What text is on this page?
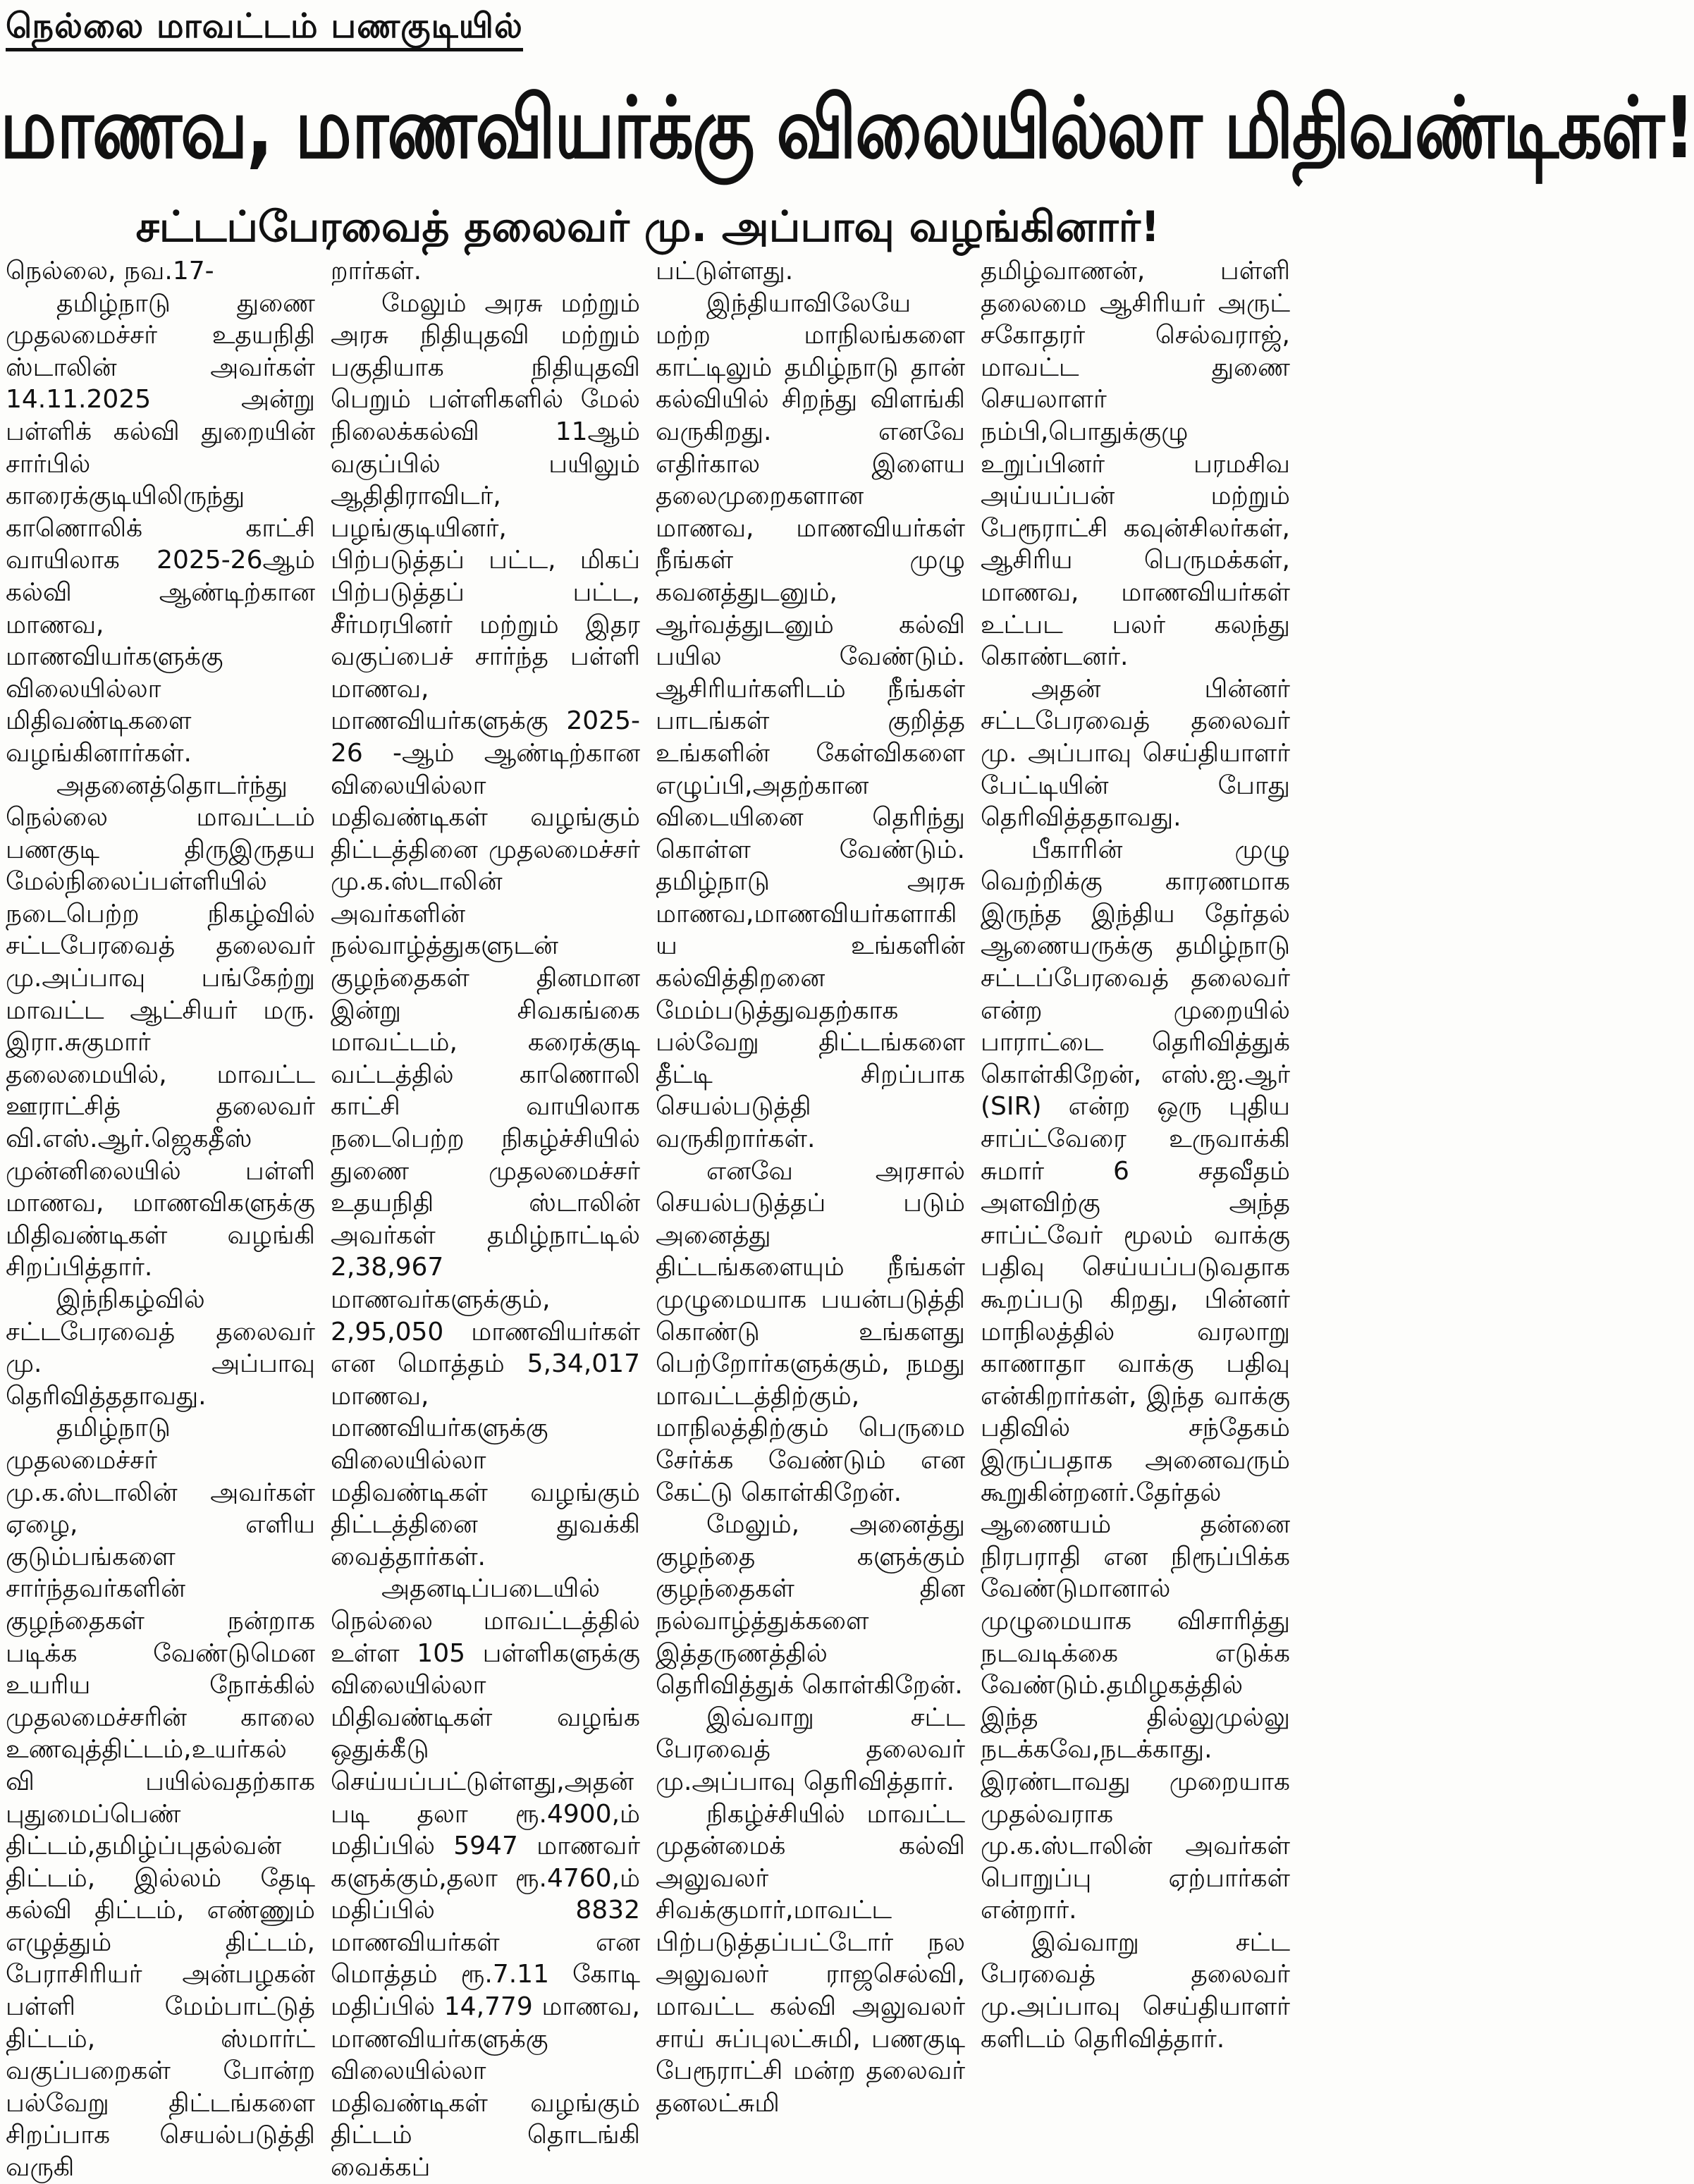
நெல்லை மாவட்டம் பணகுடியில்
மாணவ, மாணவியர்க்கு விலையில்லா மிதிவண்டிகள்!
சட்டப்பேரவைத் தலைவர் மு. அப்பாவு வழங்கினார்!
நெல்லை, நவ.17-

தமிழ்நாடு துணை முதலமைச்சர் உதயநிதி ஸ்டாலின் அவர்கள் 14.11.2025 அன்று பள்ளிக் கல்வி துறையின் சார்பில் காரைக்குடியிலிருந்து காணொலிக் காட்சி வாயிலாக 2025-26ஆம் கல்வி ஆண்டிற்கான மாணவ, மாணவியர்களுக்கு விலையில்லா மிதிவண்டிகளை வழங்கினார்கள்.

அதனைத்தொடர்ந்து நெல்லை மாவட்டம் பணகுடி திருஇருதய மேல்நிலைப்பள்ளியில் நடைபெற்ற நிகழ்வில் சட்டபேரவைத் தலைவர் மு.அப்பாவு பங்கேற்று மாவட்ட ஆட்சியர் மரு. இரா.சுகுமார் தலைமையில், மாவட்ட ஊராட்சித் தலைவர் வி.எஸ்.ஆர்.ஜெகதீஸ் முன்னிலையில் பள்ளி மாணவ, மாணவிகளுக்கு மிதிவண்டிகள் வழங்கி சிறப்பித்தார்.

இந்நிகழ்வில் சட்டபேரவைத் தலைவர் மு. அப்பாவு தெரிவித்ததாவது.

தமிழ்நாடு முதலமைச்சர் மு.க.ஸ்டாலின் அவர்கள் ஏழை, எளிய குடும்பங்களை சார்ந்தவர்களின் குழந்தைகள் நன்றாக படிக்க வேண்டுமென உயரிய நோக்கில் முதலமைச்சரின் காலை உணவுத்திட்டம்,உயர்கல்வி பயில்வதற்காக புதுமைப்பெண் திட்டம்,தமிழ்ப்புதல்வன் திட்டம், இல்லம் தேடி கல்வி திட்டம், எண்ணும் எழுத்தும் திட்டம், பேராசிரியர் அன்பழகன் பள்ளி மேம்பாட்டுத் திட்டம், ஸ்மார்ட் வகுப்பறைகள் போன்ற பல்வேறு திட்டங்களை சிறப்பாக செயல்படுத்தி வருகி

றார்கள்.

மேலும் அரசு மற்றும் அரசு நிதியுதவி மற்றும் பகுதியாக நிதியுதவி பெறும் பள்ளிகளில் மேல் நிலைக்கல்வி 11ஆம் வகுப்பில் பயிலும் ஆதிதிராவிடர், பழங்குடியினர், பிற்படுத்தப் பட்ட, மிகப் பிற்படுத்தப் பட்ட, சீர்மரபினர் மற்றும் இதர வகுப்பைச் சார்ந்த பள்ளி மாணவ, மாணவியர்களுக்கு 2025-26 -ஆம் ஆண்டிற்கான விலையில்லா மதிவண்டிகள் வழங்கும் திட்டத்தினை முதலமைச்சர் மு.க.ஸ்டாலின் அவர்களின் நல்வாழ்த்துகளுடன் குழந்தைகள் தினமான இன்று சிவகங்கை மாவட்டம், கரைக்குடி வட்டத்தில் காணொலி காட்சி வாயிலாக நடைபெற்ற நிகழ்ச்சியில் துணை முதலமைச்சர் உதயநிதி ஸ்டாலின் அவர்கள் தமிழ்நாட்டில் 2,38,967 மாணவர்களுக்கும், 2,95,050 மாணவியர்கள் என மொத்தம் 5,34,017 மாணவ, மாணவியர்களுக்கு விலையில்லா மதிவண்டிகள் வழங்கும் திட்டத்தினை துவக்கி வைத்தார்கள்.

அதனடிப்படையில் நெல்லை மாவட்டத்தில் உள்ள 105 பள்ளிகளுக்கு விலையில்லா மிதிவண்டிகள் வழங்க ஒதுக்கீடு செய்யப்பட்டுள்ளது,அதன்படி தலா ரூ.4900,ம் மதிப்பில் 5947 மாணவர் களுக்கும்,தலா ரூ.4760,ம் மதிப்பில் 8832 மாணவியர்கள் என மொத்தம் ரூ.7.11 கோடி மதிப்பில் 14,779 மாணவ, மாணவியர்களுக்கு விலையில்லா மதிவண்டிகள் வழங்கும் திட்டம் தொடங்கி வைக்கப்

பட்டுள்ளது.

இந்தியாவிலேயே மற்ற மாநிலங்களை காட்டிலும் தமிழ்நாடு தான் கல்வியில் சிறந்து விளங்கி வருகிறது. எனவே எதிர்கால இளைய தலைமுறைகளான மாணவ, மாணவியர்கள் நீங்கள் முழு கவனத்துடனும், ஆர்வத்துடனும் கல்வி பயில வேண்டும். ஆசிரியர்களிடம் நீங்கள் பாடங்கள் குறித்த உங்களின் கேள்விகளை எழுப்பி,அதற்கான விடையினை தெரிந்து கொள்ள வேண்டும். தமிழ்நாடு அரசு மாணவ,மாணவியர்களாகிய உங்களின் கல்வித்திறனை மேம்படுத்துவதற்காக பல்வேறு திட்டங்களை தீட்டி சிறப்பாக செயல்படுத்தி வருகிறார்கள்.

எனவே அரசால் செயல்படுத்தப் படும் அனைத்து திட்டங்களையும் நீங்கள் முழுமையாக பயன்படுத்தி கொண்டு உங்களது பெற்றோர்களுக்கும், நமது மாவட்டத்திற்கும், மாநிலத்திற்கும் பெருமை சேர்க்க வேண்டும் என கேட்டு கொள்கிறேன்.

மேலும், அனைத்து குழந்தை களுக்கும் குழந்தைகள் தின நல்வாழ்த்துக்களை இத்தருணத்தில் தெரிவித்துக் கொள்கிறேன்.

இவ்வாறு சட்ட பேரவைத் தலைவர் மு.அப்பாவு தெரிவித்தார்.

நிகழ்ச்சியில் மாவட்ட முதன்மைக் கல்வி அலுவலர் சிவக்குமார்,மாவட்ட பிற்படுத்தப்பட்டோர் நல அலுவலர் ராஜசெல்வி, மாவட்ட கல்வி அலுவலர் சாய் சுப்புலட்சுமி, பணகுடி பேரூராட்சி மன்ற தலைவர் தனலட்சுமி

தமிழ்வாணன், பள்ளி தலைமை ஆசிரியர் அருட் சகோதரர் செல்வராஜ், மாவட்ட துணை செயலாளர் நம்பி,பொதுக்குழு உறுப்பினர் பரமசிவ அய்யப்பன் மற்றும் பேரூராட்சி கவுன்சிலர்கள், ஆசிரிய பெருமக்கள், மாணவ, மாணவியர்கள் உட்பட பலர் கலந்து கொண்டனர்.

அதன் பின்னர் சட்டபேரவைத் தலைவர் மு. அப்பாவு செய்தியாளர் பேட்டியின் போது தெரிவித்ததாவது.

பீகாரின் முழு வெற்றிக்கு காரணமாக இருந்த இந்திய தேர்தல் ஆணையருக்கு தமிழ்நாடு சட்டப்பேரவைத் தலைவர் என்ற முறையில் பாராட்டை தெரிவித்துக் கொள்கிறேன், எஸ்.ஐ.ஆர் (SIR) என்ற ஒரு புதிய சாப்ட்வேரை உருவாக்கி சுமார் 6 சதவீதம் அளவிற்கு அந்த சாப்ட்வேர் மூலம் வாக்கு பதிவு செய்யப்படுவதாக கூறப்படு கிறது, பின்னர் மாநிலத்தில் வரலாறு காணாதா வாக்கு பதிவு என்கிறார்கள், இந்த வாக்கு பதிவில் சந்தேகம் இருப்பதாக அனைவரும் கூறுகின்றனர்.தேர்தல் ஆணையம் தன்னை நிரபராதி என நிரூப்பிக்க வேண்டுமானால் முழுமையாக விசாரித்து நடவடிக்கை எடுக்க வேண்டும்.தமிழகத்தில் இந்த தில்லுமுல்லு நடக்கவே,நடக்காது. இரண்டாவது முறையாக முதல்வராக மு.க.ஸ்டாலின் அவர்கள் பொறுப்பு ஏற்பார்கள் என்றார்.

இவ்வாறு சட்ட பேரவைத் தலைவர் மு.அப்பாவு செய்தியாளர் களிடம் தெரிவித்தார்.
